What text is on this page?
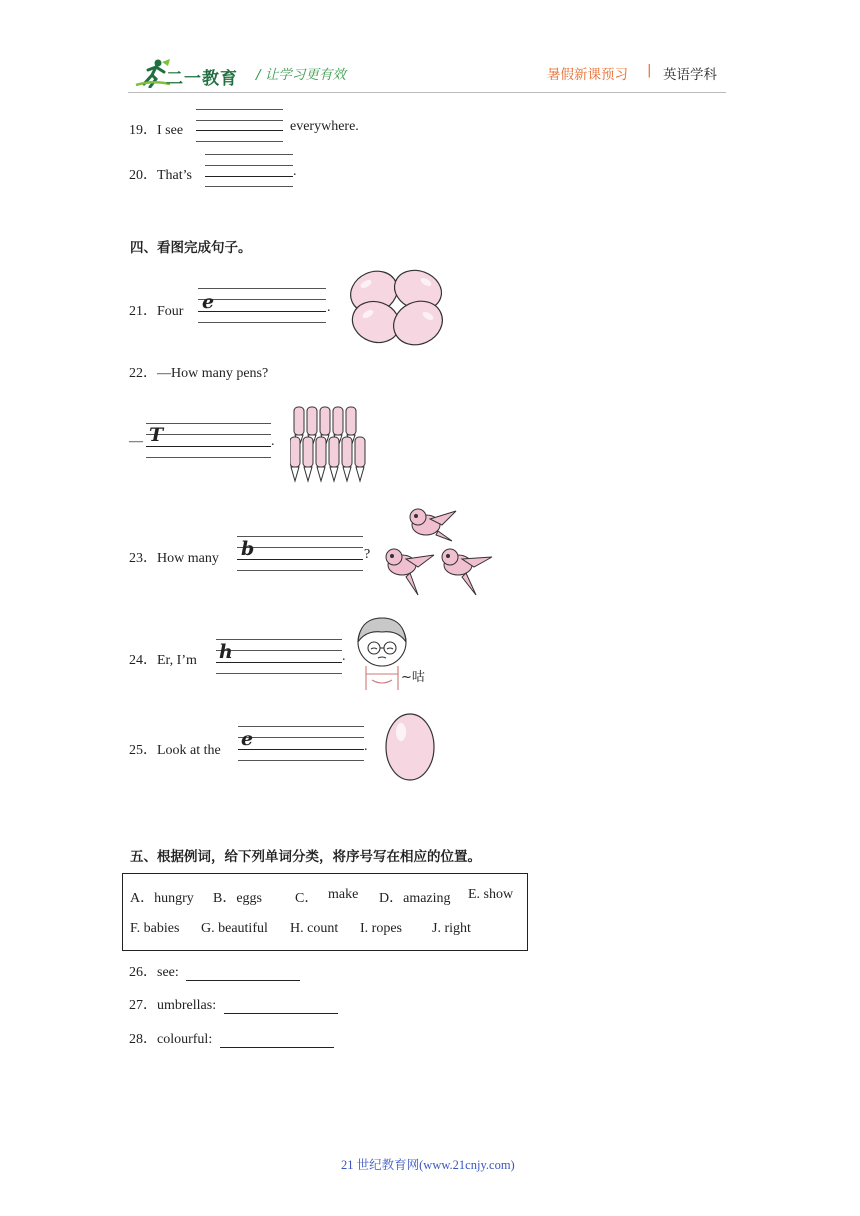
二一教育 / 让学习更有效	暑假新课预习 | 英语学科
19．I see	everywhere.
20．That’s	.
四、看图完成句子。
21．Four e	.
22．—How many pens?
— T	.
23．How many b	?
24．Er, I’m h	.
~咕
25．Look at the
e	.
五、根据例词，给下列单词分类，将序号写在相应的位置。
A．hungry B．eggs C． make D．amazing E. show
F. babies G. beautiful H. count I. ropes J. right
26．see:
27．umbrellas:
28．colourful:
21 世纪教育网(www.21cnjy.com)
